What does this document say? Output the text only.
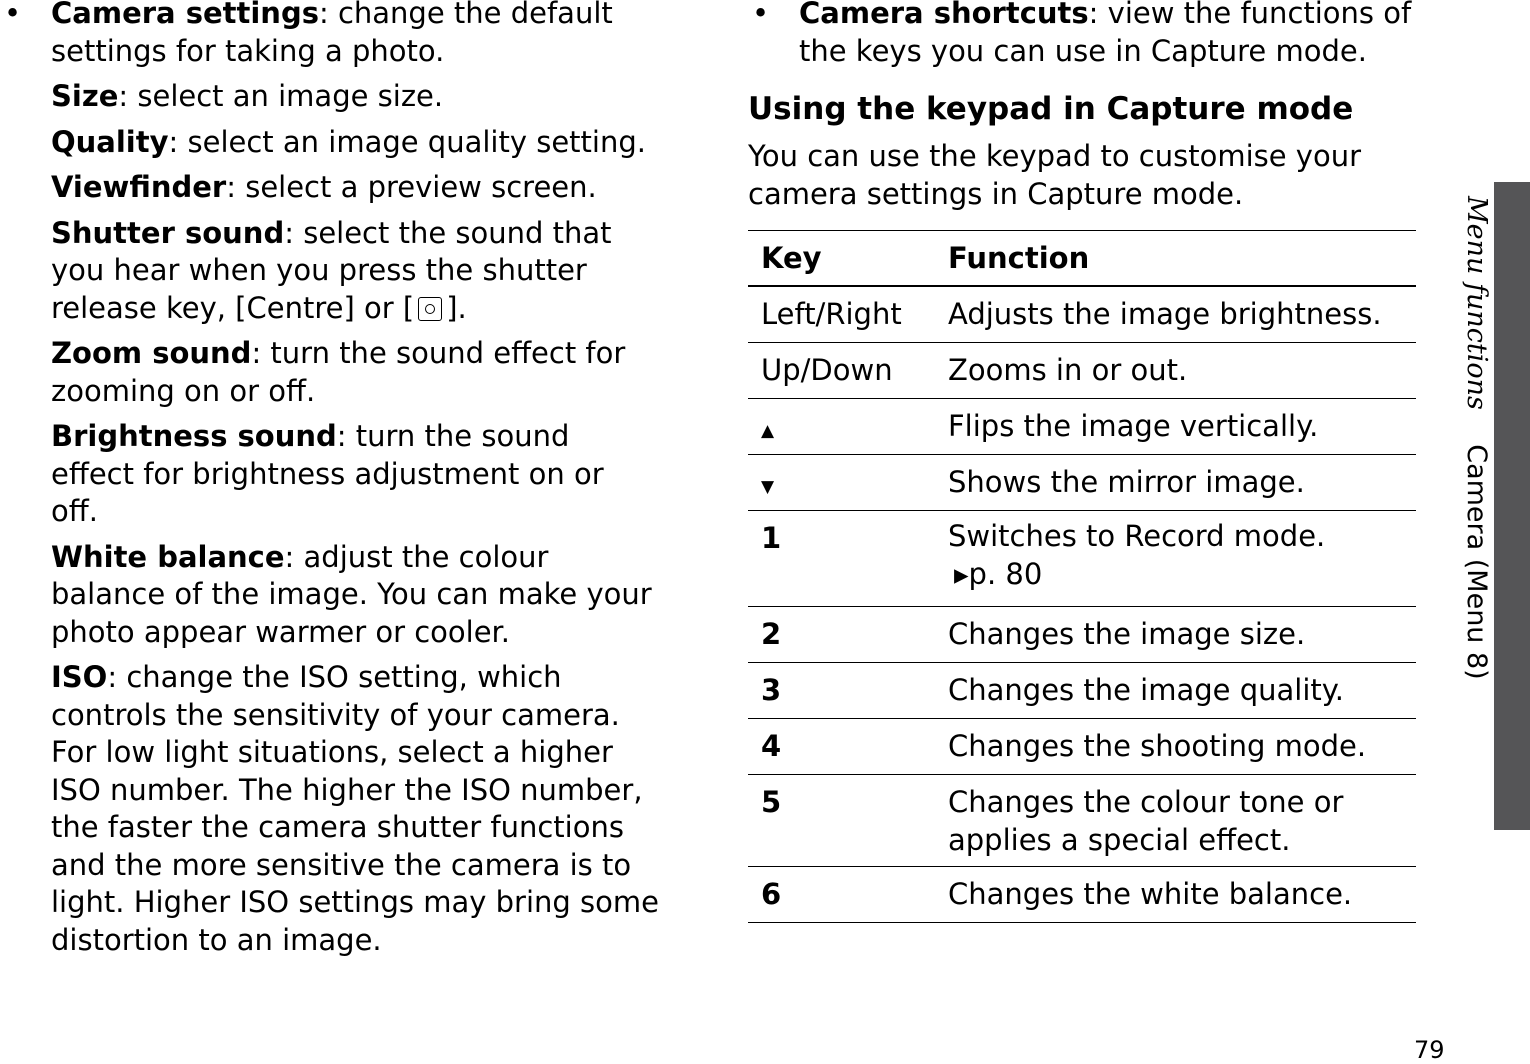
• Camera settings: change the default settings for taking a photo.

Size: select an image size.

Quality: select an image quality setting.

Viewfinder: select a preview screen.

Shutter sound: select the sound that you hear when you press the shutter release key, [Centre] or [ ].

Zoom sound: turn the sound effect for zooming on or off.

Brightness sound: turn the sound effect for brightness adjustment on or off.

White balance: adjust the colour balance of the image. You can make your photo appear warmer or cooler.

ISO: change the ISO setting, which controls the sensitivity of your camera. For low light situations, select a higher ISO number. The higher the ISO number, the faster the camera shutter functions and the more sensitive the camera is to light. Higher ISO settings may bring some distortion to an image.

• Camera shortcuts: view the functions of the keys you can use in Capture mode.
Using the keypad in Capture mode

You can use the keypad to customise your camera settings in Capture mode.

Key	Function
Left/Right	Adjusts the image brightness.
Up/Down	Zooms in or out.
▲	Flips the image vertically.
▼	Shows the mirror image.
1	Switches to Record mode.
▸p. 80
2	Changes the image size.
3	Changes the image quality.
4	Changes the shooting mode.
5	Changes the colour tone or applies a special effect.
6	Changes the white balance.
Menu functions    Camera (Menu 8)
79
